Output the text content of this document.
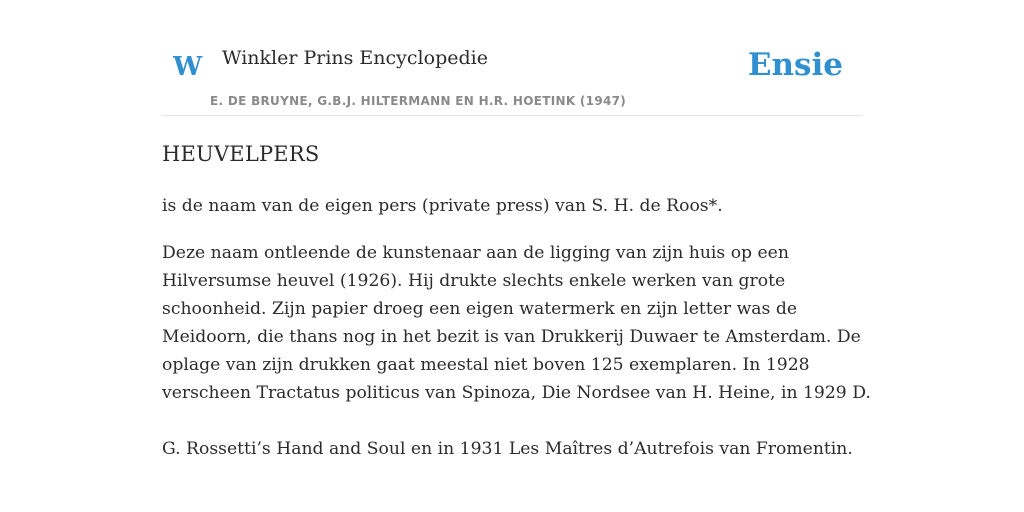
W Winkler Prins Encyclopedie
E. DE BRUYNE, G.B.J. HILTERMANN EN H.R. HOETINK (1947)
Ensie
HEUVELPERS

is de naam van de eigen pers (private press) van S. H. de Roos*.

Deze naam ontleende de kunstenaar aan de ligging van zijn huis op een Hilversumse heuvel (1926). Hij drukte slechts enkele werken van grote schoonheid. Zijn papier droeg een eigen watermerk en zijn letter was de Meidoorn, die thans nog in het bezit is van Drukkerij Duwaer te Amsterdam. De oplage van zijn drukken gaat meestal niet boven 125 exemplaren. In 1928 verscheen Tractatus politicus van Spinoza, Die Nordsee van H. Heine, in 1929 D.

G. Rossetti’s Hand and Soul en in 1931 Les Maîtres d’Autrefois van Fromentin.
